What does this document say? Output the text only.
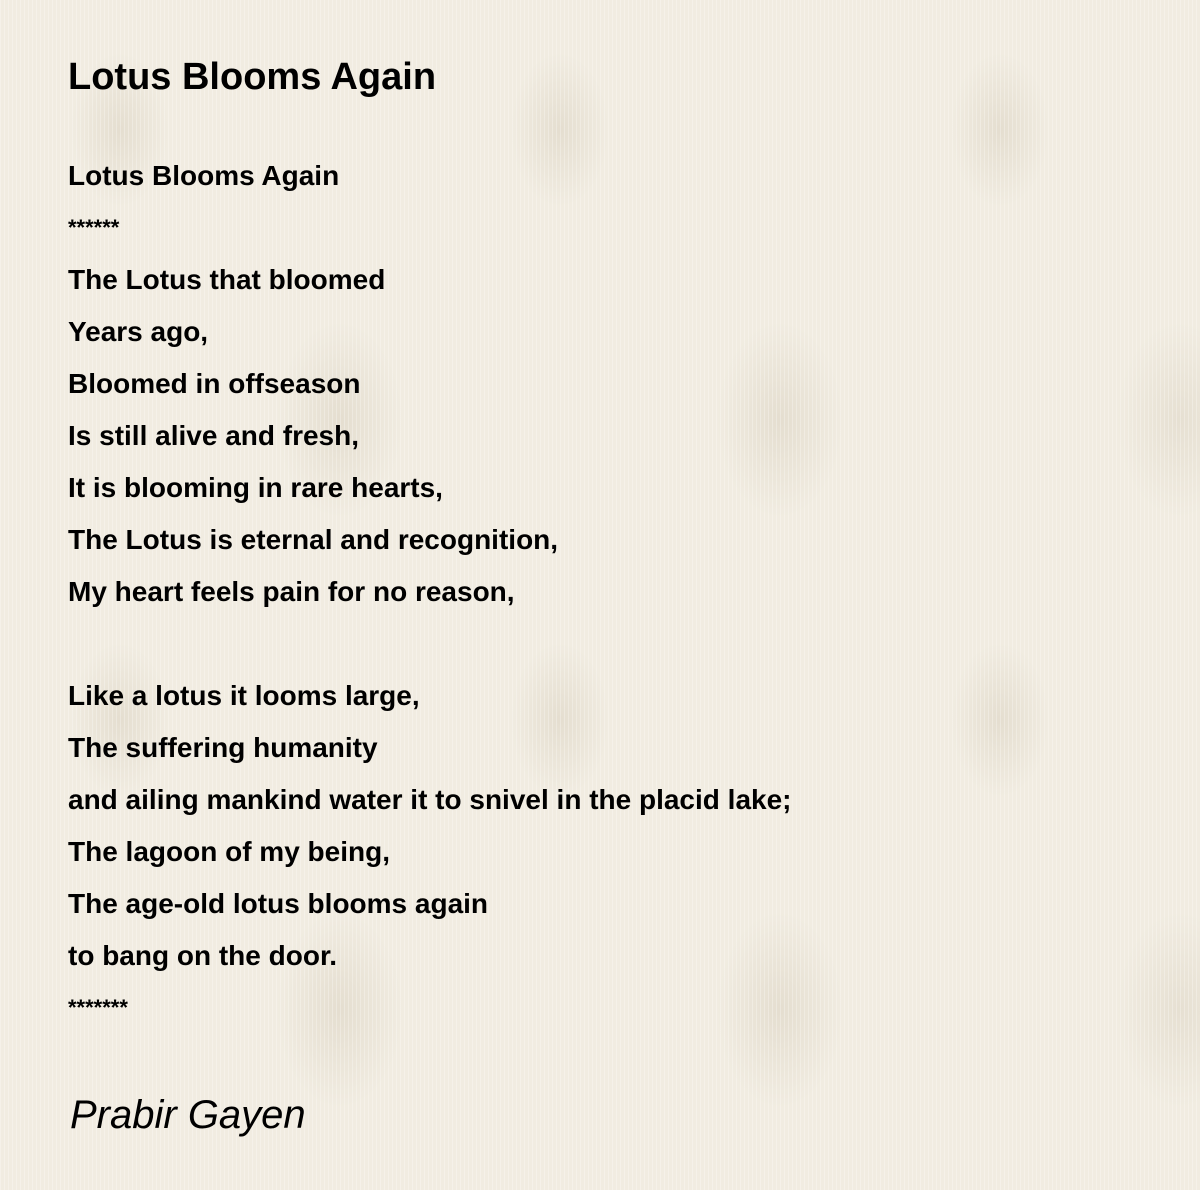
Lotus Blooms Again
Lotus Blooms Again
******
The Lotus that bloomed
Years ago,
Bloomed in offseason
Is still alive and fresh,
It is blooming in rare hearts,
The Lotus is eternal and recognition,
My heart feels pain for no reason,
Like a lotus it looms large,
The suffering humanity
and ailing mankind water it to snivel in the placid lake;
The lagoon of my being,
The age-old lotus blooms again
to bang on the door.
*******

Prabir Gayen
